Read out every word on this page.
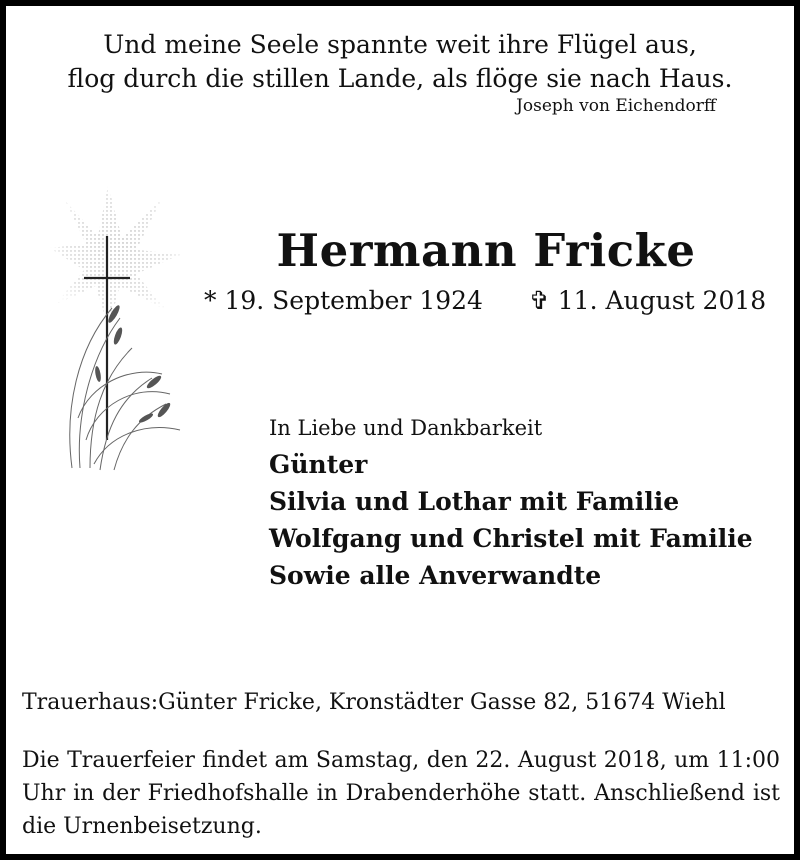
Und meine Seele spannte weit ihre Flügel aus,
flog durch die stillen Lande, als flöge sie nach Haus.
Joseph von Eichendorff
Hermann Fricke
* 19. September 1924 ✞ 11. August 2018
In Liebe und Dankbarkeit
Günter
Silvia und Lothar mit Familie
Wolfgang und Christel mit Familie
Sowie alle Anverwandte
Trauerhaus:Günter Fricke, Kronstädter Gasse 82, 51674 Wiehl
Die Trauerfeier findet am Samstag, den 22. August 2018, um 11:00 Uhr in der Friedhofshalle in Drabenderhöhe statt. Anschließend ist die Urnenbeisetzung.
